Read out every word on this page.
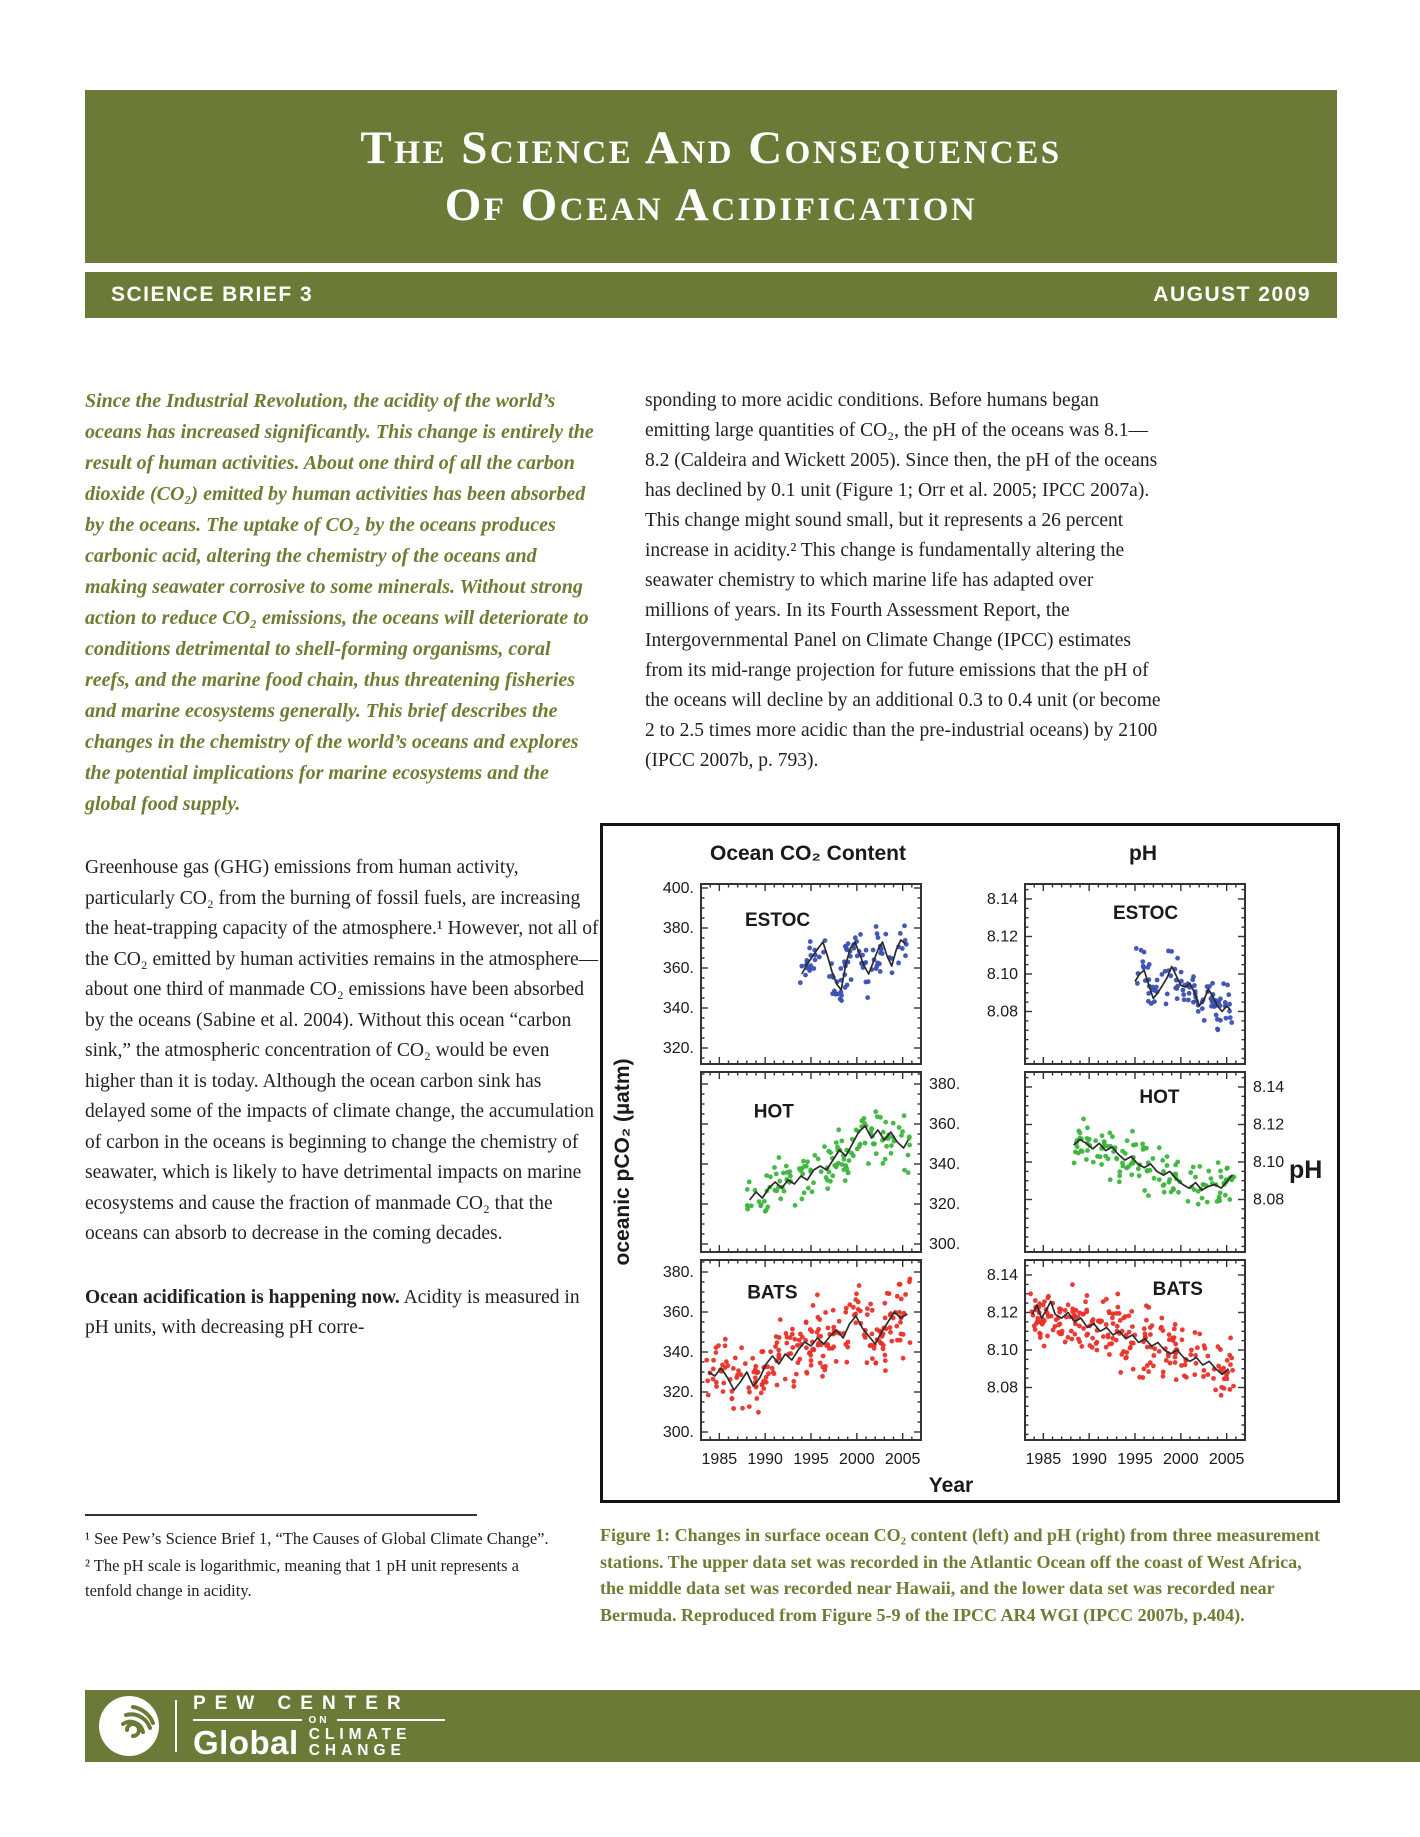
The Science And Consequences
Of Ocean Acidification
SCIENCE BRIEF 3	AUGUST 2009

Since the Industrial Revolution, the acidity of the world’s oceans has increased significantly. This change is entirely the result of human activities. About one third of all the carbon dioxide (CO₂) emitted by human activities has been absorbed by the oceans. The uptake of CO₂ by the oceans produces carbonic acid, altering the chemistry of the oceans and making seawater corrosive to some minerals. Without strong action to reduce CO₂ emissions, the oceans will deteriorate to conditions detrimental to shell-forming organisms, coral reefs, and the marine food chain, thus threatening fisheries and marine ecosystems generally. This brief describes the changes in the chemistry of the world’s oceans and explores the potential implications for marine ecosystems and the global food supply.

Greenhouse gas (GHG) emissions from human activity, particularly CO₂ from the burning of fossil fuels, are increasing the heat-trapping capacity of the atmosphere.¹ However, not all of the CO₂ emitted by human activities remains in the atmosphere—about one third of manmade CO₂ emissions have been absorbed by the oceans (Sabine et al. 2004). Without this ocean “carbon sink,” the atmospheric concentration of CO₂ would be even higher than it is today. Although the ocean carbon sink has delayed some of the impacts of climate change, the accumulation of carbon in the oceans is beginning to change the chemistry of seawater, which is likely to have detrimental impacts on marine ecosystems and cause the fraction of manmade CO₂ that the oceans can absorb to decrease in the coming decades.

Ocean acidification is happening now. Acidity is measured in pH units, with decreasing pH corre-

sponding to more acidic conditions. Before humans began emitting large quantities of CO₂, the pH of the oceans was 8.1—8.2 (Caldeira and Wickett 2005). Since then, the pH of the oceans has declined by 0.1 unit (Figure 1; Orr et al. 2005; IPCC 2007a). This change might sound small, but it represents a 26 percent increase in acidity.² This change is fundamentally altering the seawater chemistry to which marine life has adapted over millions of years. In its Fourth Assessment Report, the Intergovernmental Panel on Climate Change (IPCC) estimates from its mid-range projection for future emissions that the pH of the oceans will decline by an additional 0.3 to 0.4 unit (or become 2 to 2.5 times more acidic than the pre-industrial oceans) by 2100 (IPCC 2007b, p. 793).

¹ See Pew’s Science Brief 1, “The Causes of Global Climate Change”.

² The pH scale is logarithmic, meaning that 1 pH unit represents a tenfold change in acidity.

Ocean CO₂ Content	pH
oceanic pCO₂ (µatm)	pH
Year
400.
380.
360.
340.
320.
ESTOC
380.
360.
340.
320.
300.
HOT
380.
360.
340.
320.
300.
1985 1990 1995 2000 2005
BATS
8.14
8.12
8.10
8.08
ESTOC
8.14
8.12
8.10
8.08
HOT
8.14
8.12
8.10
8.08
1985 1990 1995 2000 2005
BATS

Figure 1: Changes in surface ocean CO₂ content (left) and pH (right) from three measurement stations. The upper data set was recorded in the Atlantic Ocean off the coast of West Africa, the middle data set was recorded near Hawaii, and the lower data set was recorded near Bermuda. Reproduced from Figure 5-9 of the IPCC AR4 WGI (IPCC 2007b, p.404).

PEW CENTER
ON
Global CLIMATE
CHANGE
